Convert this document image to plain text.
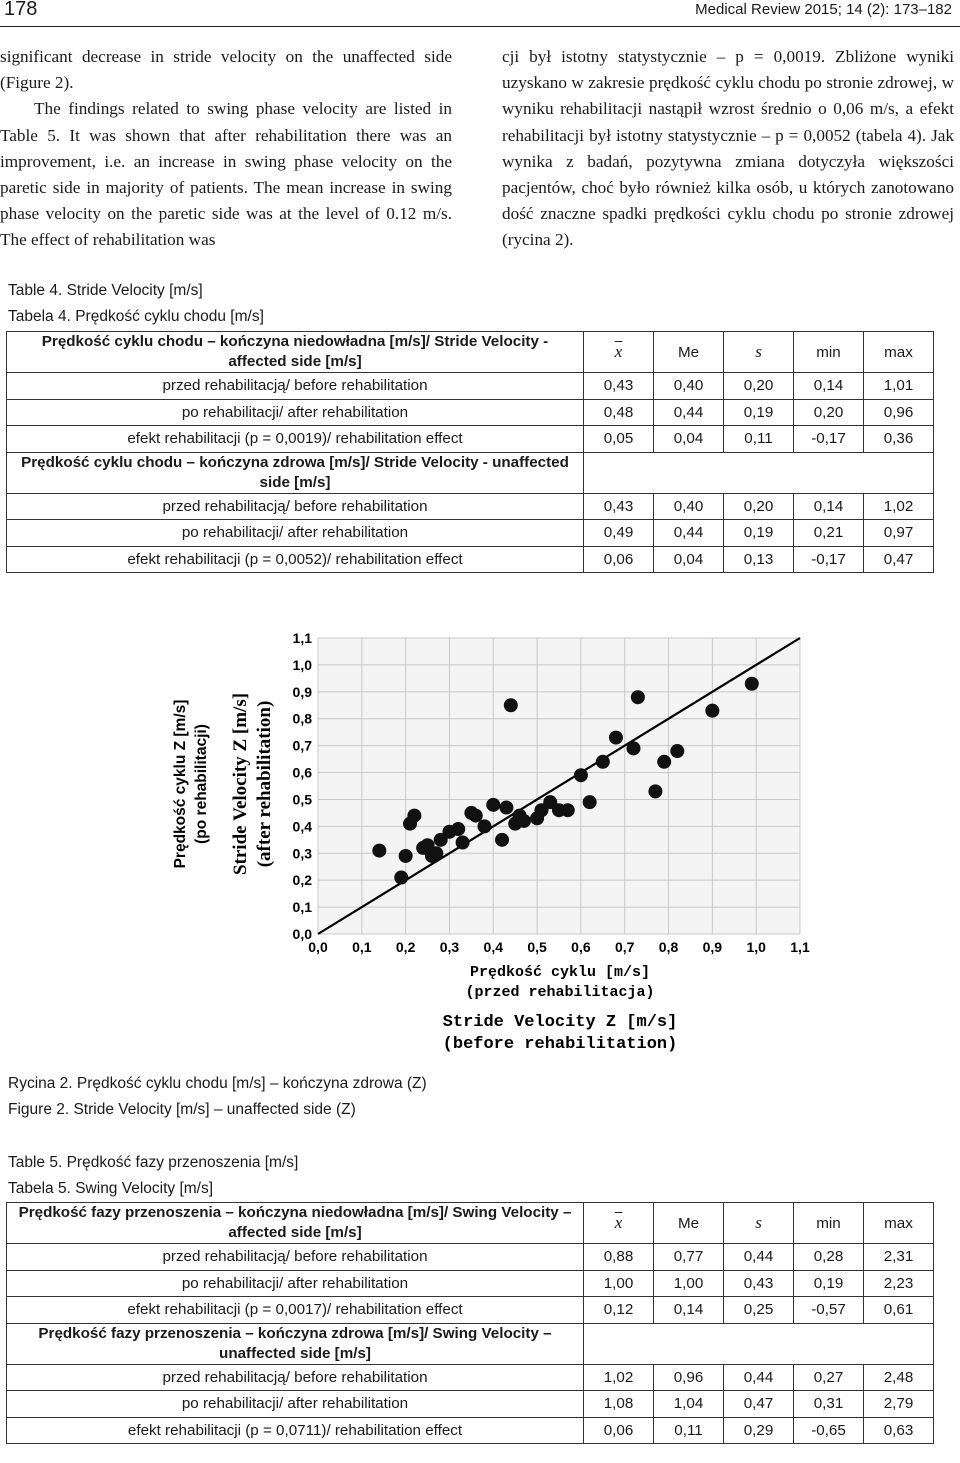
178	Medical Review 2015; 14 (2): 173–182

significant decrease in stride velocity on the unaffected side (Figure 2).

The findings related to swing phase velocity are listed in Table 5. It was shown that after rehabilitation there was an improvement, i.e. an increase in swing phase velocity on the paretic side in majority of patients. The mean increase in swing phase velocity on the paretic side was at the level of 0.12 m/s. The effect of rehabilitation was

cji był istotny statystycznie – p = 0,0019. Zbliżone wyniki uzyskano w zakresie prędkość cyklu chodu po stronie zdrowej, w wyniku rehabilitacji nastąpił wzrost średnio o 0,06 m/s, a efekt rehabilitacji był istotny statystycznie – p = 0,0052 (tabela 4). Jak wynika z badań, pozytywna zmiana dotyczyła większości pacjentów, choć było również kilka osób, u których zanotowano dość znaczne spadki prędkości cyklu chodu po stronie zdrowej (rycina 2).

Table 4. Stride Velocity [m/s]
Tabela 4. Prędkość cyklu chodu [m/s]
Prędkość cyklu chodu – kończyna niedowładna [m/s]/ Stride Velocity - affected side [m/s]	$\overline{x}$	Me	s	min	max
przed rehabilitacją/ before rehabilitation	0,43	0,40	0,20	0,14	1,01
po rehabilitacji/ after rehabilitation	0,48	0,44	0,19	0,20	0,96
efekt rehabilitacji (p = 0,0019)/ rehabilitation effect	0,05	0,04	0,11	-0,17	0,36
Prędkość cyklu chodu – kończyna zdrowa [m/s]/ Stride Velocity - unaffected side [m/s]					
przed rehabilitacją/ before rehabilitation	0,43	0,40	0,20	0,14	1,02
po rehabilitacji/ after rehabilitation	0,49	0,44	0,19	0,21	0,97
efekt rehabilitacji (p = 0,0052)/ rehabilitation effect	0,06	0,04	0,13	-0,17	0,47
0,0
0,1
0,2
0,3
0,4
0,5
0,6
0,7
0,8
0,9
1,0
1,1
0,0 0,1 0,2 0,3 0,4 0,5 0,6 0,7 0,8 0,9 1,0 1,1
Prędkość cyklu Z [m/s] (po rehabilitacji) Stride Velocity Z [m/s] (after rehabilitation)
Prędkość cyklu [m/s]
(przed rehabilitacja)
Stride Velocity Z [m/s]
(before rehabilitation)
Rycina 2. Prędkość cyklu chodu [m/s] – kończyna zdrowa (Z)
Figure 2. Stride Velocity [m/s] – unaffected side (Z)
Table 5. Prędkość fazy przenoszenia [m/s]
Tabela 5. Swing Velocity [m/s]
Prędkość fazy przenoszenia – kończyna niedowładna [m/s]/ Swing Velocity – affected side [m/s]	$\overline{x}$	Me	s	min	max
przed rehabilitacją/ before rehabilitation	0,88	0,77	0,44	0,28	2,31
po rehabilitacji/ after rehabilitation	1,00	1,00	0,43	0,19	2,23
efekt rehabilitacji (p = 0,0017)/ rehabilitation effect	0,12	0,14	0,25	-0,57	0,61
Prędkość fazy przenoszenia – kończyna zdrowa [m/s]/ Swing Velocity – unaffected side [m/s]					
przed rehabilitacją/ before rehabilitation	1,02	0,96	0,44	0,27	2,48
po rehabilitacji/ after rehabilitation	1,08	1,04	0,47	0,31	2,79
efekt rehabilitacji (p = 0,0711)/ rehabilitation effect	0,06	0,11	0,29	-0,65	0,63
